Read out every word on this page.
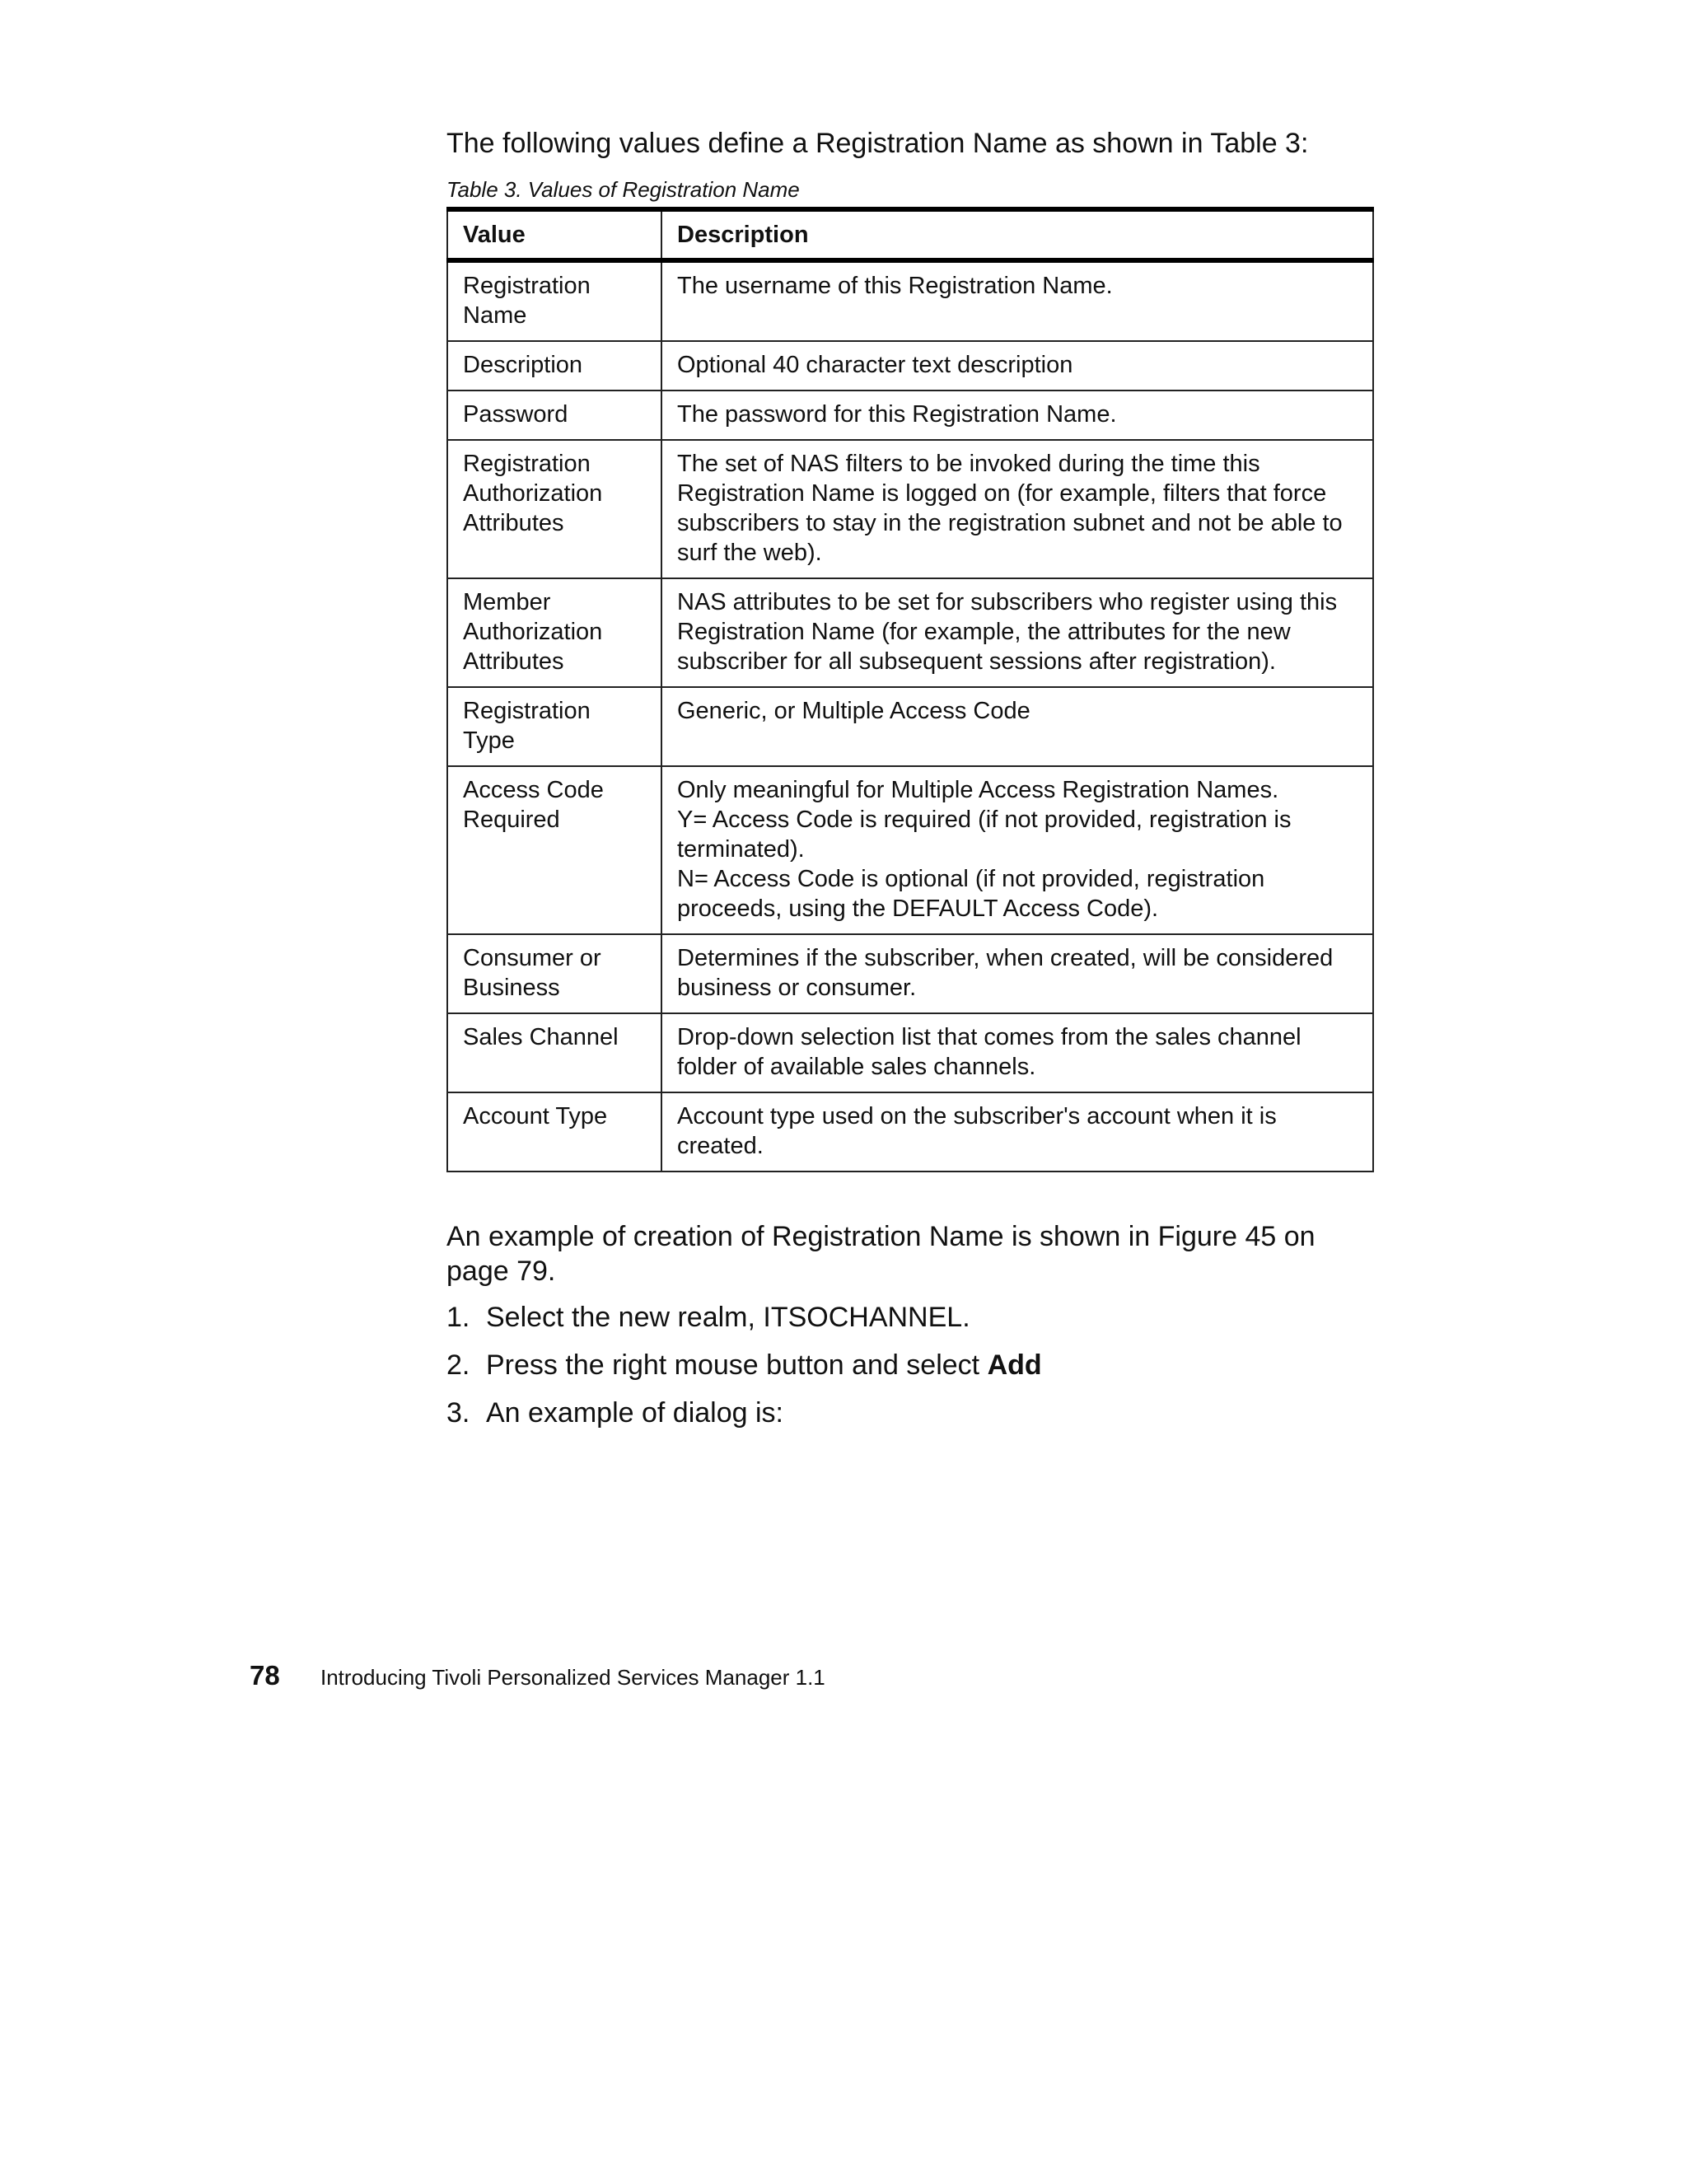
The following values define a Registration Name as shown in Table 3:

Table 3. Values of Registration Name

Value	Description
Registration Name	The username of this Registration Name.

Description	Optional 40 character text description

Password	The password for this Registration Name.

Registration Authorization Attributes	The set of NAS filters to be invoked during the time this Registration Name is logged on (for example, filters that force subscribers to stay in the registration subnet and not be able to surf the web).

Member Authorization Attributes	NAS attributes to be set for subscribers who register using this Registration Name (for example, the attributes for the new subscriber for all subsequent sessions after registration).

Registration Type	Generic, or Multiple Access Code

Access Code Required	Only meaningful for Multiple Access Registration Names.
Y= Access Code is required (if not provided, registration is terminated).
N= Access Code is optional (if not provided, registration proceeds, using the DEFAULT Access Code).

Consumer or Business	Determines if the subscriber, when created, will be considered business or consumer.

Sales Channel	Drop-down selection list that comes from the sales channel folder of available sales channels.

Account Type	Account type used on the subscriber's account when it is created.

An example of creation of Registration Name is shown in Figure 45 on page 79.

1. Select the new realm, ITSOCHANNEL.
2. Press the right mouse button and select Add
3. An example of dialog is:
78 Introducing Tivoli Personalized Services Manager 1.1
